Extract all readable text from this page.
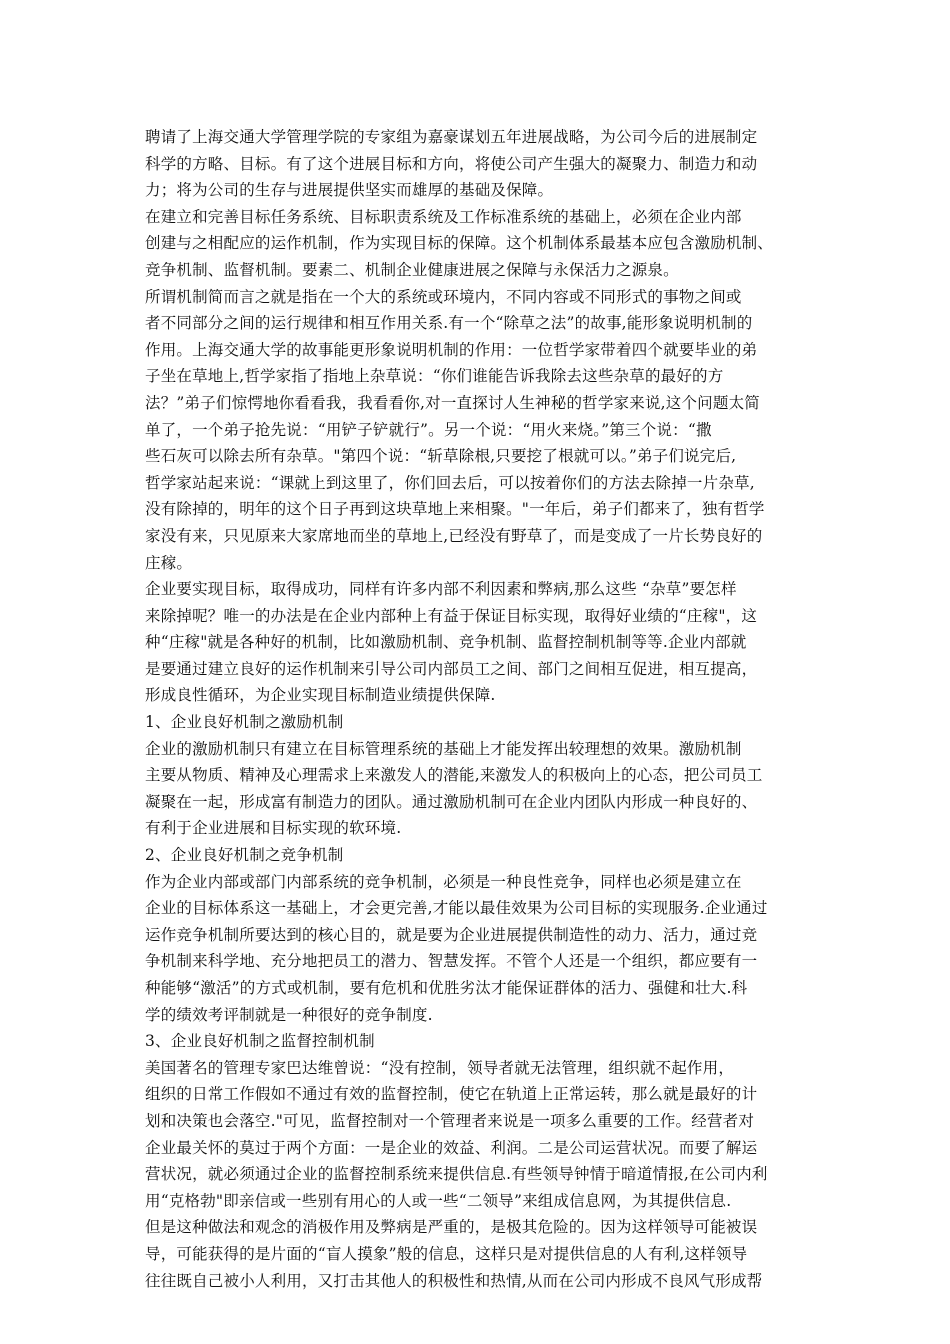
聘请了上海交通大学管理学院的专家组为嘉豪谋划五年进展战略，为公司今后的进展制定
科学的方略、目标。有了这个进展目标和方向，将使公司产生强大的凝聚力、制造力和动
力；将为公司的生存与进展提供坚实而雄厚的基础及保障。
在建立和完善目标任务系统、目标职责系统及工作标准系统的基础上，必须在企业内部
创建与之相配应的运作机制，作为实现目标的保障。这个机制体系最基本应包含激励机制、
竞争机制、监督机制。要素二、机制企业健康进展之保障与永保活力之源泉。
所谓机制简而言之就是指在一个大的系统或环境内，不同内容或不同形式的事物之间或
者不同部分之间的运行规律和相互作用关系.有一个“除草之法”的故事,能形象说明机制的
作用。上海交通大学的故事能更形象说明机制的作用：一位哲学家带着四个就要毕业的弟
子坐在草地上,哲学家指了指地上杂草说：“你们谁能告诉我除去这些杂草的最好的方
法？”弟子们惊愕地你看看我，我看看你,对一直探讨人生神秘的哲学家来说,这个问题太简
单了，一个弟子抢先说：“用铲子铲就行”。另一个说：“用火来烧。”第三个说：“撒
些石灰可以除去所有杂草。"第四个说：“斩草除根,只要挖了根就可以。”弟子们说完后,
哲学家站起来说：“课就上到这里了，你们回去后，可以按着你们的方法去除掉一片杂草,
没有除掉的，明年的这个日子再到这块草地上来相聚。"一年后，弟子们都来了，独有哲学
家没有来，只见原来大家席地而坐的草地上,已经没有野草了，而是变成了一片长势良好的
庄稼。
企业要实现目标，取得成功，同样有许多内部不利因素和弊病,那么这些 “杂草”要怎样
来除掉呢？唯一的办法是在企业内部种上有益于保证目标实现，取得好业绩的“庄稼"，这
种“庄稼"就是各种好的机制，比如激励机制、竞争机制、监督控制机制等等.企业内部就
是要通过建立良好的运作机制来引导公司内部员工之间、部门之间相互促进，相互提高，
形成良性循环，为企业实现目标制造业绩提供保障.
1、企业良好机制之激励机制
企业的激励机制只有建立在目标管理系统的基础上才能发挥出较理想的效果。激励机制
主要从物质、精神及心理需求上来激发人的潜能,来激发人的积极向上的心态，把公司员工
凝聚在一起，形成富有制造力的团队。通过激励机制可在企业内团队内形成一种良好的、
有利于企业进展和目标实现的软环境.
2、企业良好机制之竞争机制
作为企业内部或部门内部系统的竞争机制，必须是一种良性竞争，同样也必须是建立在
企业的目标体系这一基础上，才会更完善,才能以最佳效果为公司目标的实现服务.企业通过
运作竞争机制所要达到的核心目的，就是要为企业进展提供制造性的动力、活力，通过竞
争机制来科学地、充分地把员工的潜力、智慧发挥。不管个人还是一个组织，都应要有一
种能够“激活”的方式或机制，要有危机和优胜劣汰才能保证群体的活力、强健和壮大.科
学的绩效考评制就是一种很好的竞争制度.
3、企业良好机制之监督控制机制
美国著名的管理专家巴达维曾说：“没有控制，领导者就无法管理，组织就不起作用，
组织的日常工作假如不通过有效的监督控制，使它在轨道上正常运转，那么就是最好的计
划和决策也会落空."可见，监督控制对一个管理者来说是一项多么重要的工作。经营者对
企业最关怀的莫过于两个方面：一是企业的效益、利润。二是公司运营状况。而要了解运
营状况，就必须通过企业的监督控制系统来提供信息.有些领导钟情于暗道情报,在公司内利
用“克格勃"即亲信或一些别有用心的人或一些“二领导”来组成信息网，为其提供信息.
但是这种做法和观念的消极作用及弊病是严重的，是极其危险的。因为这样领导可能被误
导，可能获得的是片面的“盲人摸象”般的信息，这样只是对提供信息的人有利,这样领导
往往既自己被小人利用，又打击其他人的积极性和热情,从而在公司内形成不良风气形成帮
